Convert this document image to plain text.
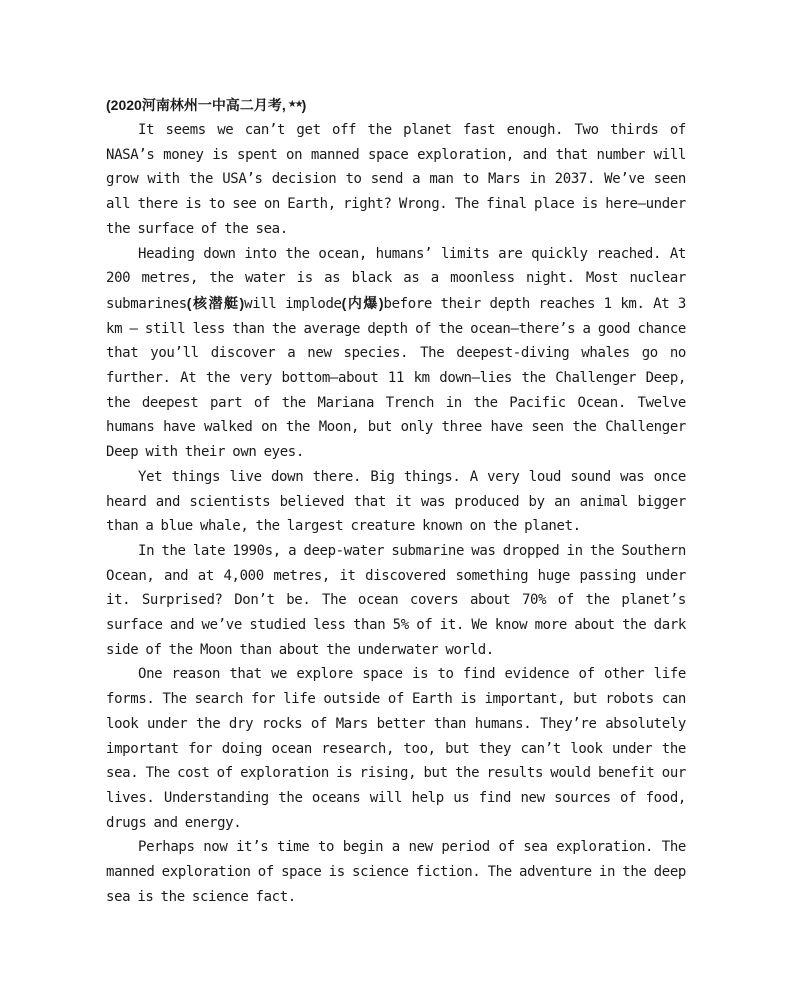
( 2020河南林州一中高二月考, ★★ )

It seems we can’t get off the planet fast enough. Two thirds of NASA’s money is spent on manned space exploration, and that number will grow with the USA’s decision to send a man to Mars in 2037. We’ve seen all there is to see on Earth, right? Wrong. The final place is here—under the surface of the sea.

Heading down into the ocean, humans’ limits are quickly reached. At 200 metres, the water is as black as a moonless night. Most nuclear submarines(核潜艇)will implode(内爆)before their depth reaches 1 km. At 3 km — still less than the average depth of the ocean—there’s a good chance that you’ll discover a new species. The deepest-diving whales go no further. At the very bottom—about 11 km down—lies the Challenger Deep, the deepest part of the Mariana Trench in the Pacific Ocean. Twelve humans have walked on the Moon, but only three have seen the Challenger Deep with their own eyes.

Yet things live down there. Big things. A very loud sound was once heard and scientists believed that it was produced by an animal bigger than a blue whale, the largest creature known on the planet.

In the late 1990s, a deep-water submarine was dropped in the Southern Ocean, and at 4,000 metres, it discovered something huge passing under it. Surprised? Don’t be. The ocean covers about 70% of the planet’s surface and we’ve studied less than 5% of it. We know more about the dark side of the Moon than about the underwater world.

One reason that we explore space is to find evidence of other life forms. The search for life outside of Earth is important, but robots can look under the dry rocks of Mars better than humans. They’re absolutely important for doing ocean research, too, but they can’t look under the sea. The cost of exploration is rising, but the results would benefit our lives. Understanding the oceans will help us find new sources of food, drugs and energy.

Perhaps now it’s time to begin a new period of sea exploration. The manned exploration of space is science fiction. The adventure in the deep sea is the science fact.
